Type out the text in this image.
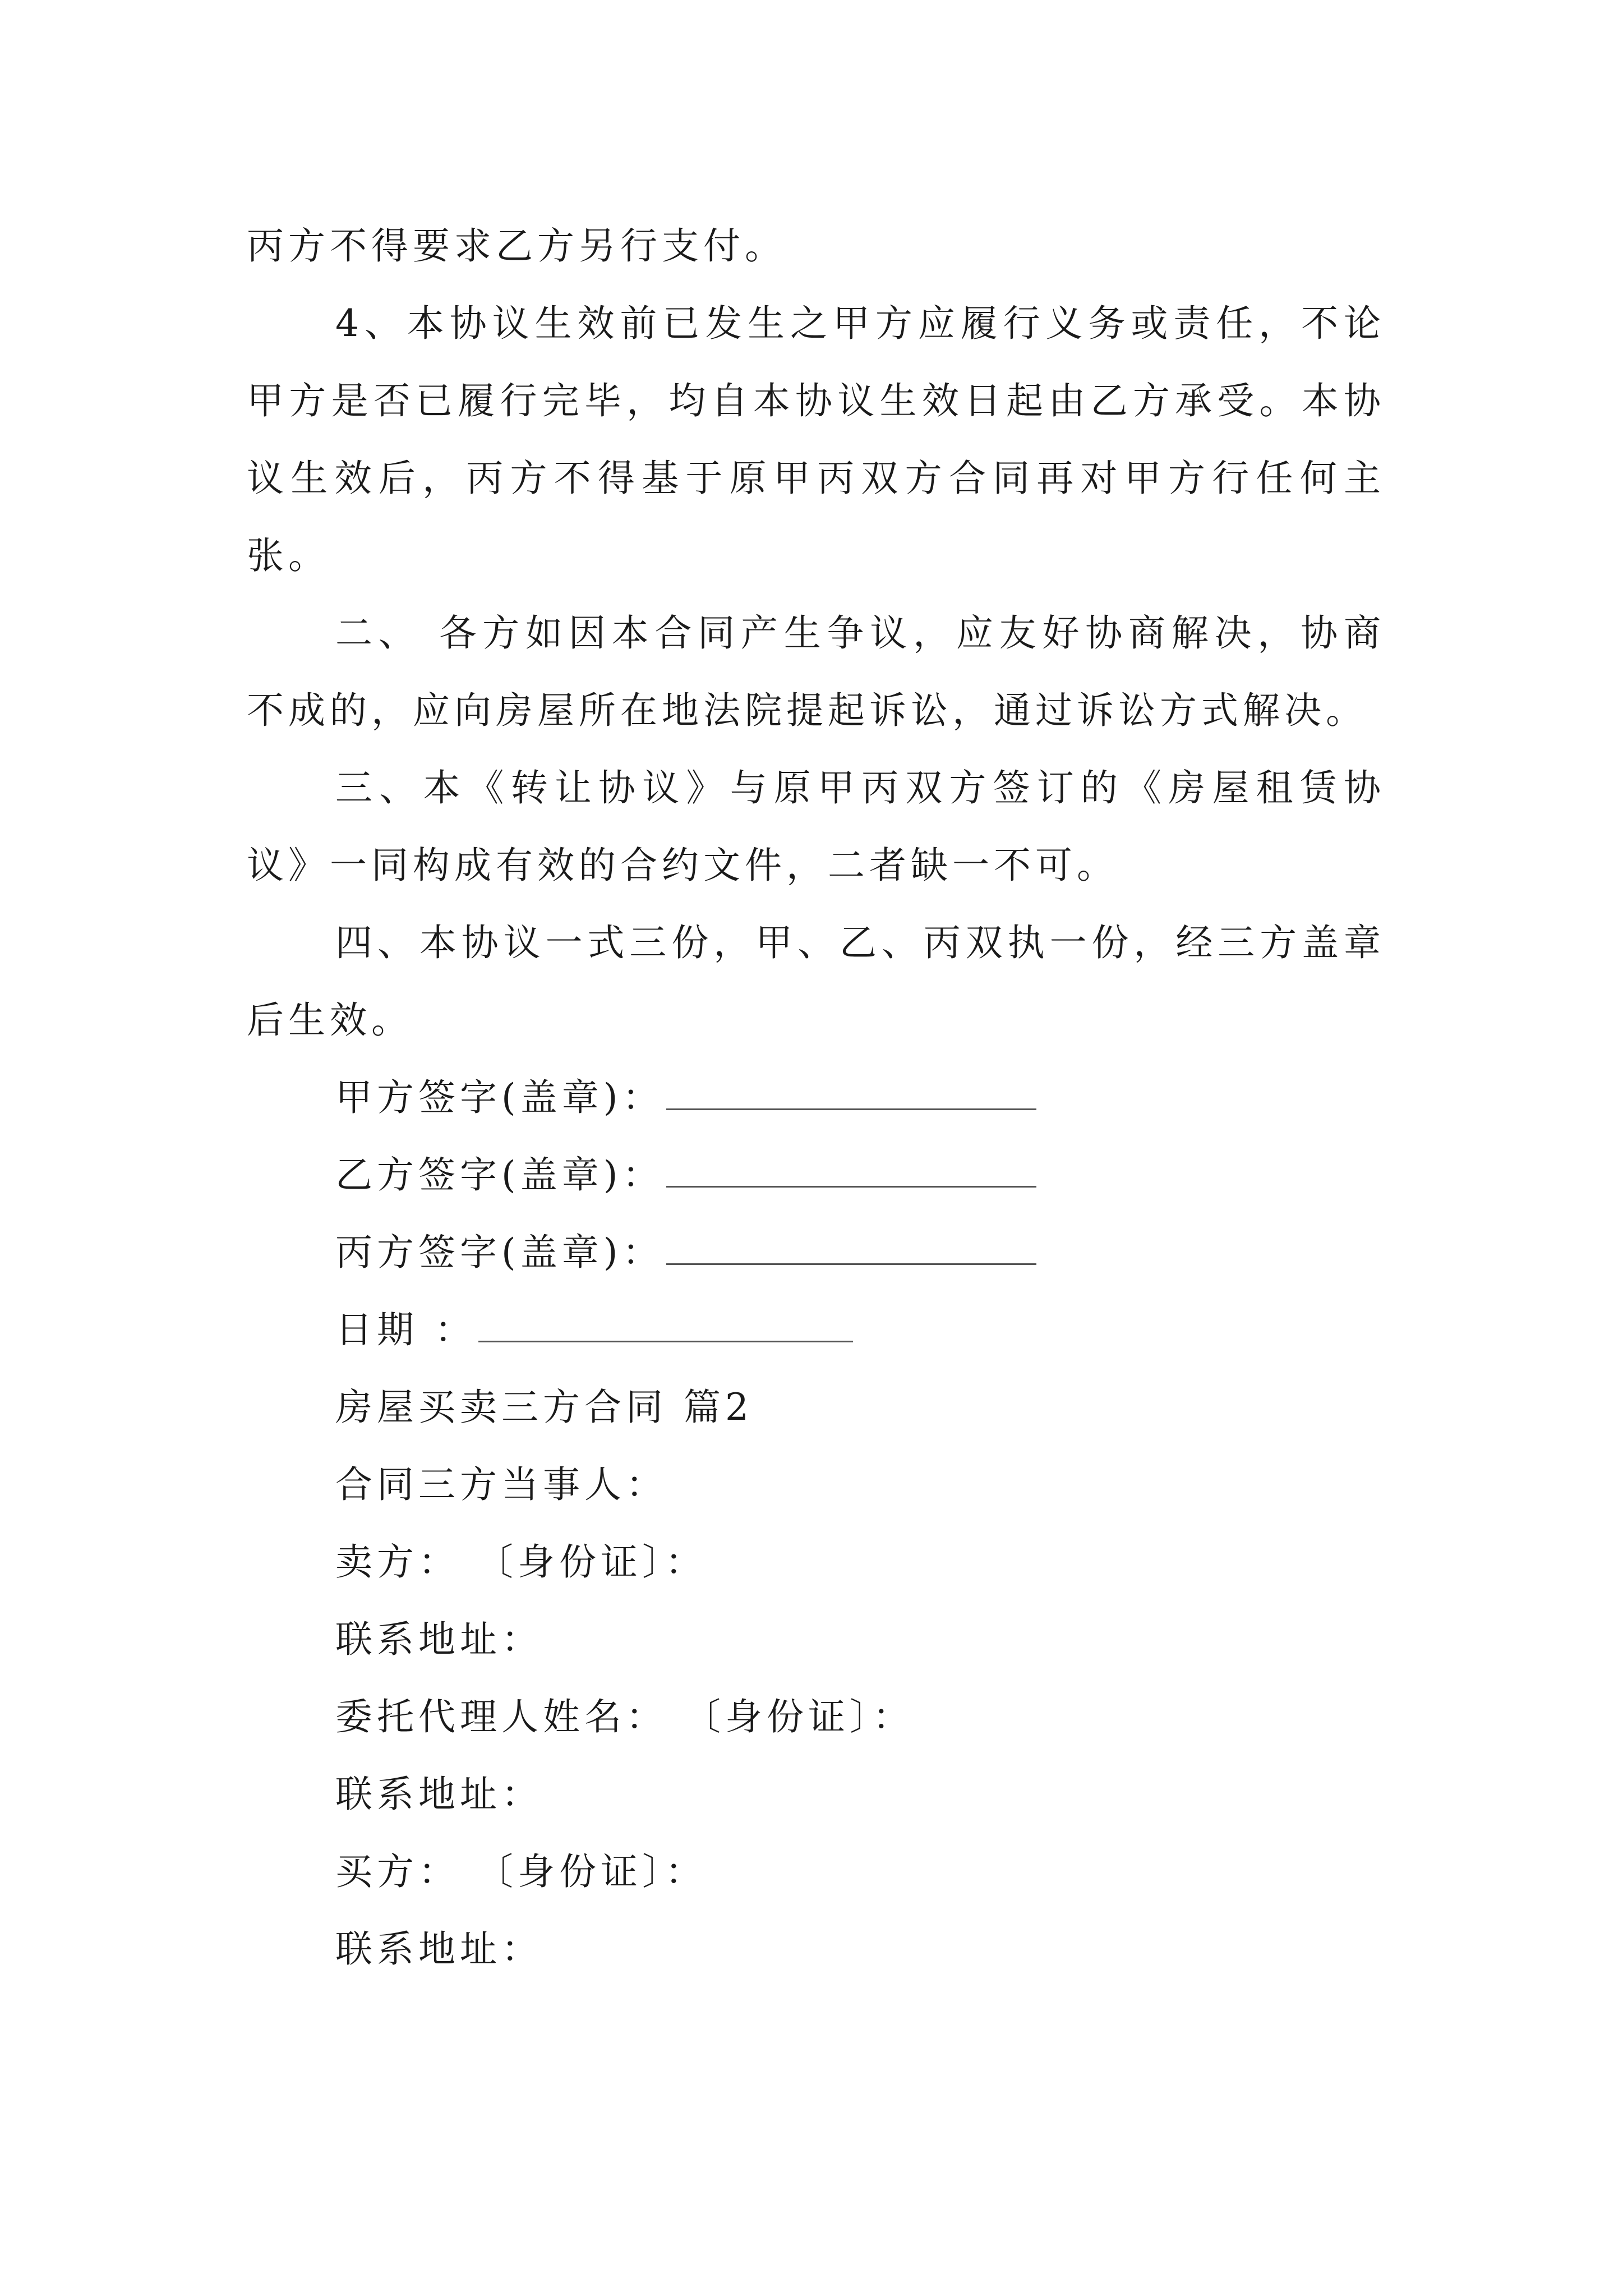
丙方不得要求乙方另行支付。

4、本协议生效前已发生之甲方应履行义务或责任，不论甲方是否已履行完毕，均自本协议生效日起由乙方承受。本协议生效后，丙方不得基于原甲丙双方合同再对甲方行任何主张。

二、 各方如因本合同产生争议，应友好协商解决，协商不成的，应向房屋所在地法院提起诉讼，通过诉讼方式解决。

三、本《转让协议》与原甲丙双方签订的《房屋租赁协议》一同构成有效的合约文件，二者缺一不可。

四、本协议一式三份，甲、乙、丙双执一份，经三方盖章后生效。

甲方签字(盖章)：
乙方签字(盖章)：
丙方签字(盖章)：
日期 ：
房屋买卖三方合同 篇2
合同三方当事人：
卖方： 〔身份证〕：
联系地址：
委托代理人姓名： 〔身份证〕：
联系地址：
买方： 〔身份证〕：
联系地址：
